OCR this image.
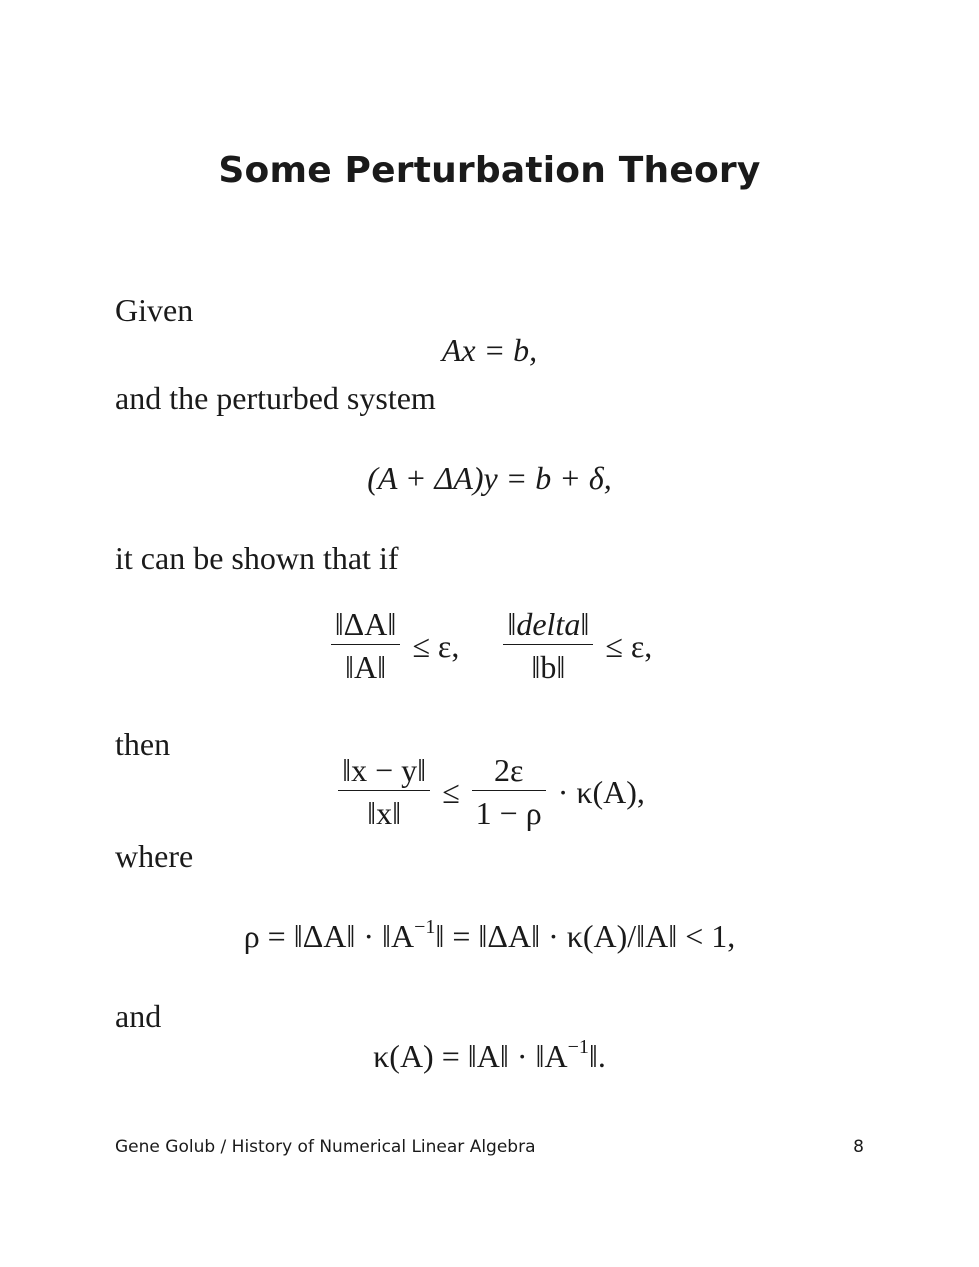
Some Perturbation Theory
Given
Ax = b,
and the perturbed system
(A + ΔA)y = b + δ,
it can be shown that if
$\frac{‖\Delta A‖}{‖A‖} \le \varepsilon$, $\frac{\text{‖delta‖}}{‖b‖} \le \varepsilon$,
then
$\frac{‖x - y‖}{‖x‖} \le \frac{2\varepsilon}{1 - \rho} \cdot \kappa(A)$,
where
ρ = ‖ΔA‖ · $‖A^{-1}‖$ = ‖ΔA‖ · κ(A)/‖A‖ < 1,
and
κ(A) = ‖A‖ · $‖A^{-1}‖$.
Gene Golub / History of Numerical Linear Algebra	8
